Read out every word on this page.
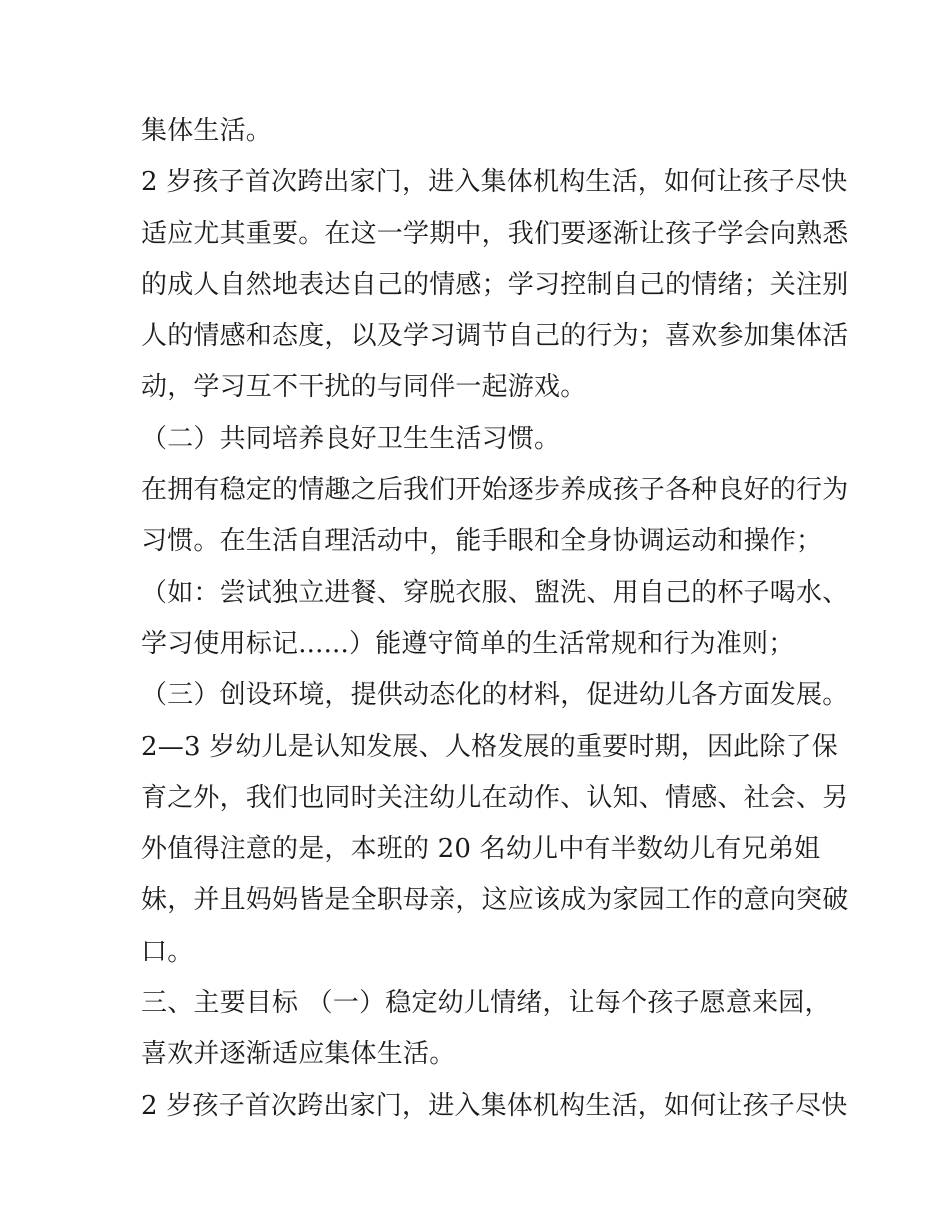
集体生活。
2 岁孩子首次跨出家门，进入集体机构生活，如何让孩子尽快
适应尤其重要。在这一学期中，我们要逐渐让孩子学会向熟悉
的成人自然地表达自己的情感；学习控制自己的情绪；关注别
人的情感和态度，以及学习调节自己的行为；喜欢参加集体活
动，学习互不干扰的与同伴一起游戏。
（二）共同培养良好卫生生活习惯。
在拥有稳定的情趣之后我们开始逐步养成孩子各种良好的行为
习惯。在生活自理活动中，能手眼和全身协调运动和操作；
（如：尝试独立进餐、穿脱衣服、盥洗、用自己的杯子喝水、
学习使用标记......）能遵守简单的生活常规和行为准则；
（三）创设环境，提供动态化的材料，促进幼儿各方面发展。
2—3 岁幼儿是认知发展、人格发展的重要时期，因此除了保
育之外，我们也同时关注幼儿在动作、认知、情感、社会、另
外值得注意的是，本班的 20 名幼儿中有半数幼儿有兄弟姐
妹，并且妈妈皆是全职母亲，这应该成为家园工作的意向突破
口。
三、主要目标 （一）稳定幼儿情绪，让每个孩子愿意来园，
喜欢并逐渐适应集体生活。
2 岁孩子首次跨出家门，进入集体机构生活，如何让孩子尽快
